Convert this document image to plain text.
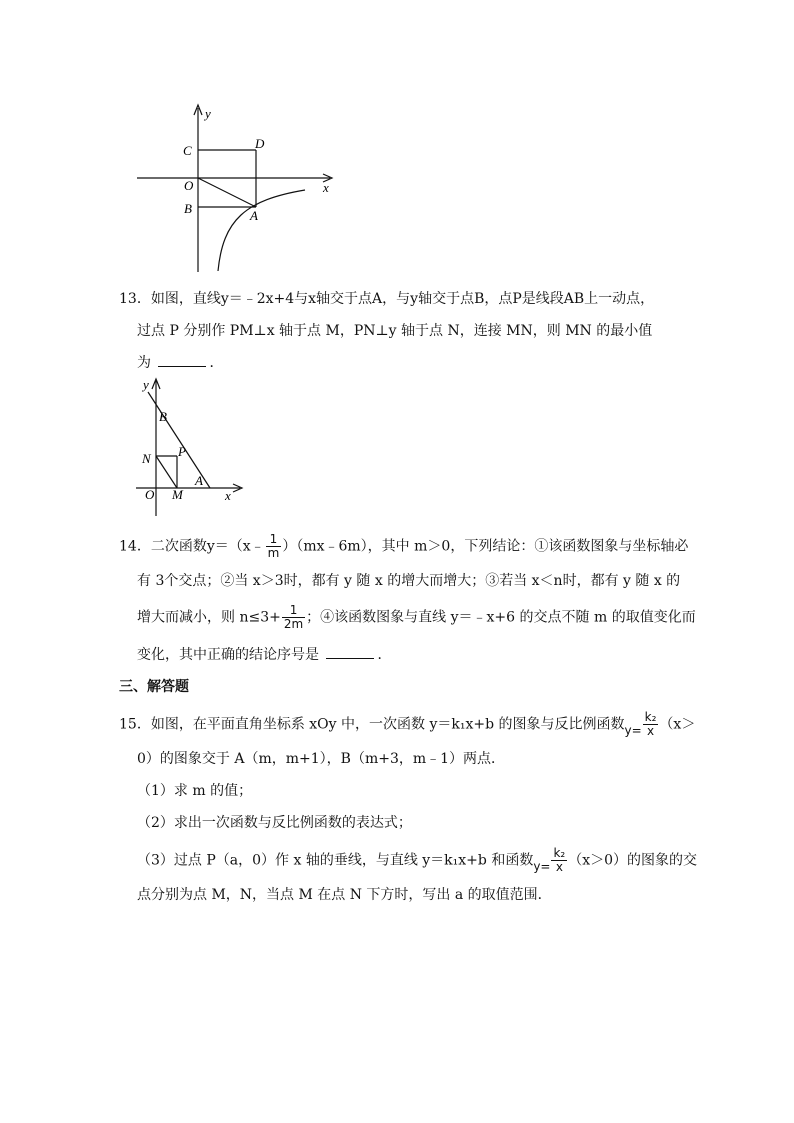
y
x
C	D
O
B	A
13．如图，直线y＝﹣2x+4与x轴交于点A，与y轴交于点B，点P是线段AB上一动点，
过点 P 分别作 PM⊥x 轴于点 M，PN⊥y 轴于点 N，连接 MN，则 MN 的最小值
为	．
y
x
B
P
N
A
O M
14．二次函数y＝（x﹣ $\frac{1}{m}$ ）（mx﹣6m），其中 m＞0，下列结论：①该函数图象与坐标轴必
有 3个交点；②当 x＞3时，都有 y 随 x 的增大而增大；③若当 x＜n时，都有 y 随 x 的
增大而减小，则 $n\le 3+ \frac{1}{2m}$ ；④该函数图象与直线 y＝﹣x+6 的交点不随 m 的取值变化而
变化，其中正确的结论序号是	．
三、解答题
15．如图，在平面直角坐标系 xOy 中，一次函数 y＝k₁x+b 的图象与反比例函数$y= \frac{\text{k₂}}{x} (x>$
0）的图象交于 A（m，m+1），B（m+3，m﹣1）两点．
（1）求 m 的值；
（2）求出一次函数与反比例函数的表达式；
（3）过点 P（a，0）作 x 轴的垂线，与直线 y＝k₁x+b 和函数$y= \frac{\text{k₂}}{x} (x>0)$的图象的交
点分别为点 M，N，当点 M 在点 N 下方时，写出 a 的取值范围．
